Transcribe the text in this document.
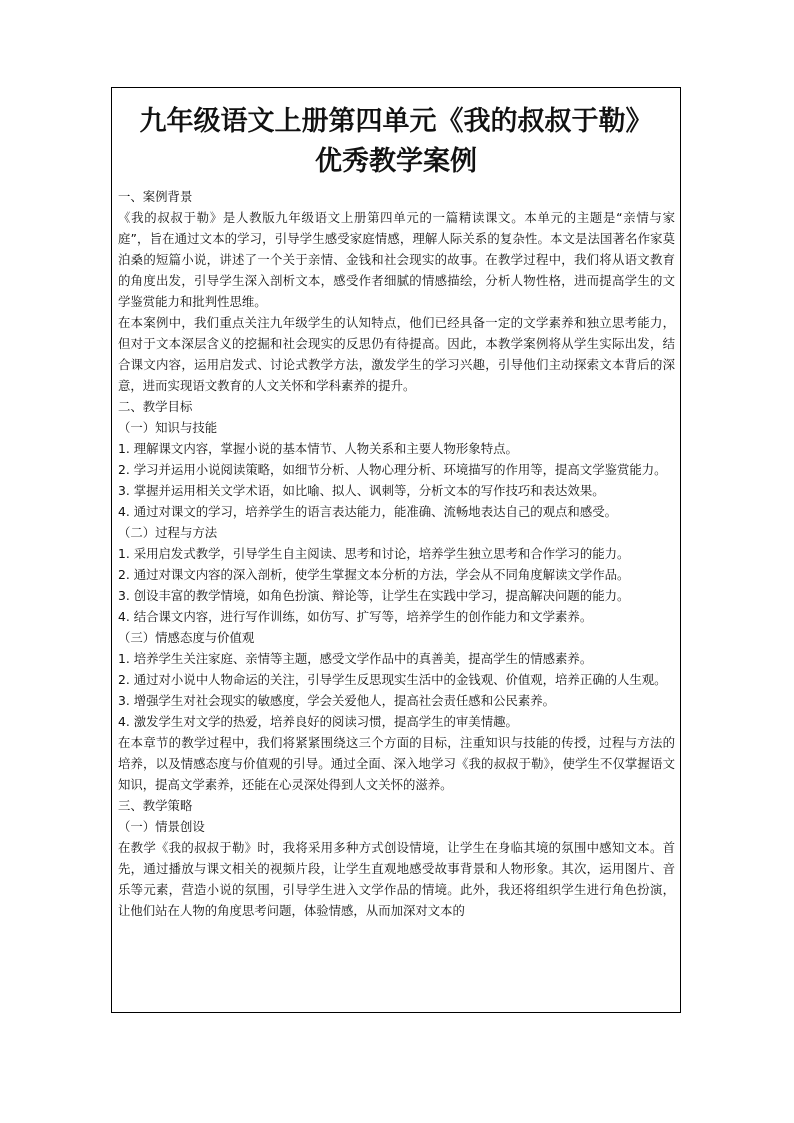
九年级语文上册第四单元《我的叔叔于勒》
优秀教学案例

一、案例背景

《我的叔叔于勒》是人教版九年级语文上册第四单元的一篇精读课文。本单元的主题是“亲情与家庭”，旨在通过文本的学习，引导学生感受家庭情感，理解人际关系的复杂性。本文是法国著名作家莫泊桑的短篇小说，讲述了一个关于亲情、金钱和社会现实的故事。在教学过程中，我们将从语文教育的角度出发，引导学生深入剖析文本，感受作者细腻的情感描绘，分析人物性格，进而提高学生的文学鉴赏能力和批判性思维。

在本案例中，我们重点关注九年级学生的认知特点，他们已经具备一定的文学素养和独立思考能力，但对于文本深层含义的挖掘和社会现实的反思仍有待提高。因此，本教学案例将从学生实际出发，结合课文内容，运用启发式、讨论式教学方法，激发学生的学习兴趣，引导他们主动探索文本背后的深意，进而实现语文教育的人文关怀和学科素养的提升。

二、教学目标

（一）知识与技能

1. 理解课文内容，掌握小说的基本情节、人物关系和主要人物形象特点。

2. 学习并运用小说阅读策略，如细节分析、人物心理分析、环境描写的作用等，提高文学鉴赏能力。

3. 掌握并运用相关文学术语，如比喻、拟人、讽刺等，分析文本的写作技巧和表达效果。

4. 通过对课文的学习，培养学生的语言表达能力，能准确、流畅地表达自己的观点和感受。

（二）过程与方法

1. 采用启发式教学，引导学生自主阅读、思考和讨论，培养学生独立思考和合作学习的能力。

2. 通过对课文内容的深入剖析，使学生掌握文本分析的方法，学会从不同角度解读文学作品。

3. 创设丰富的教学情境，如角色扮演、辩论等，让学生在实践中学习，提高解决问题的能力。

4. 结合课文内容，进行写作训练，如仿写、扩写等，培养学生的创作能力和文学素养。

（三）情感态度与价值观

1. 培养学生关注家庭、亲情等主题，感受文学作品中的真善美，提高学生的情感素养。

2. 通过对小说中人物命运的关注，引导学生反思现实生活中的金钱观、价值观，培养正确的人生观。

3. 增强学生对社会现实的敏感度，学会关爱他人，提高社会责任感和公民素养。

4. 激发学生对文学的热爱，培养良好的阅读习惯，提高学生的审美情趣。

在本章节的教学过程中，我们将紧紧围绕这三个方面的目标，注重知识与技能的传授，过程与方法的培养，以及情感态度与价值观的引导。通过全面、深入地学习《我的叔叔于勒》，使学生不仅掌握语文知识，提高文学素养，还能在心灵深处得到人文关怀的滋养。

三、教学策略

（一）情景创设

在教学《我的叔叔于勒》时，我将采用多种方式创设情境，让学生在身临其境的氛围中感知文本。首先，通过播放与课文相关的视频片段，让学生直观地感受故事背景和人物形象。其次，运用图片、音乐等元素，营造小说的氛围，引导学生进入文学作品的情境。此外，我还将组织学生进行角色扮演，让他们站在人物的角度思考问题，体验情感，从而加深对文本的
